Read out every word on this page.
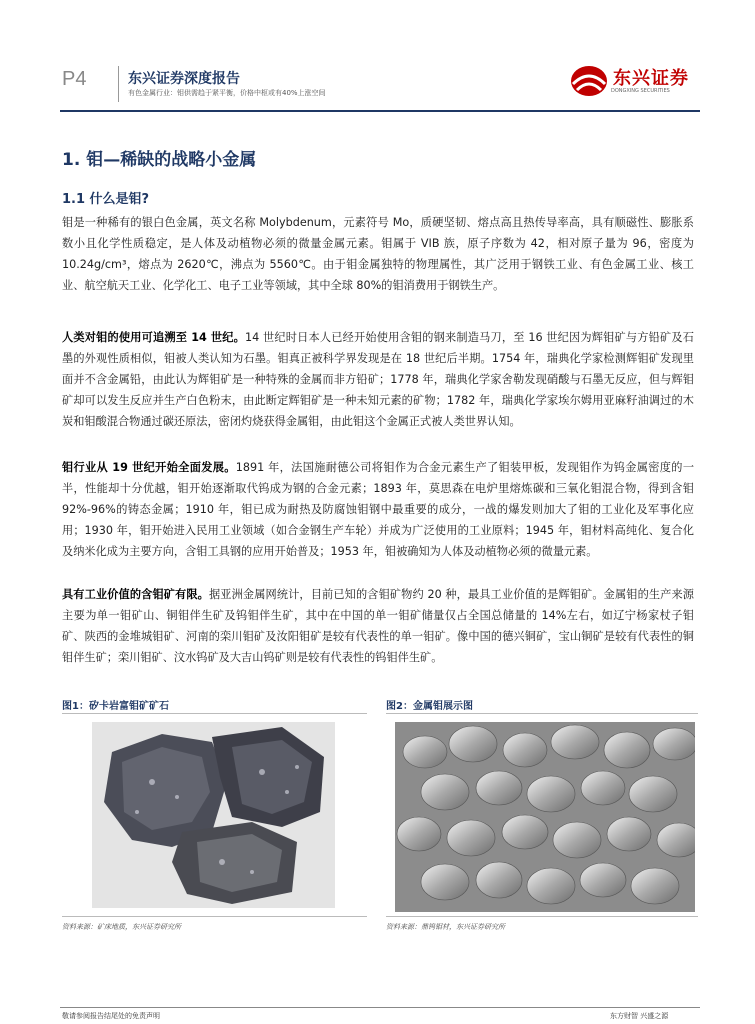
P4	东兴证券深度报告
有色金属行业：钼供需趋于紧平衡，价格中枢或有40%上涨空间
东兴证券
DONGXING SECURITIES
1. 钼—稀缺的战略小金属
1.1 什么是钼?
钼是一种稀有的银白色金属，英文名称 Molybdenum，元素符号 Mo，质硬坚韧、熔点高且热传导率高，具有顺磁性、膨胀系数小且化学性质稳定，是人体及动植物必须的微量金属元素。钼属于 VIB 族，原子序数为 42，相对原子量为 96，密度为 10.24g/cm³，熔点为 2620℃，沸点为 5560℃。由于钼金属独特的物理属性，其广泛用于钢铁工业、有色金属工业、核工业、航空航天工业、化学化工、电子工业等领域，其中全球 80%的钼消费用于钢铁生产。
人类对钼的使用可追溯至 14 世纪。14 世纪时日本人已经开始使用含钼的钢来制造马刀，至 16 世纪因为辉钼矿与方铅矿及石墨的外观性质相似，钼被人类认知为石墨。钼真正被科学界发现是在 18 世纪后半期。1754 年，瑞典化学家检测辉钼矿发现里面并不含金属铅，由此认为辉钼矿是一种特殊的金属而非方铅矿；1778 年，瑞典化学家舍勒发现硝酸与石墨无反应，但与辉钼矿却可以发生反应并生产白色粉末，由此断定辉钼矿是一种未知元素的矿物；1782 年，瑞典化学家埃尔姆用亚麻籽油调过的木炭和钼酸混合物通过碳还原法，密闭灼烧获得金属钼，由此钼这个金属正式被人类世界认知。
钼行业从 19 世纪开始全面发展。1891 年，法国施耐德公司将钼作为合金元素生产了钼装甲板，发现钼作为钨金属密度的一半，性能却十分优越，钼开始逐渐取代钨成为钢的合金元素；1893 年，莫思森在电炉里熔炼碳和三氧化钼混合物，得到含钼 92%-96%的铸态金属；1910 年，钼已成为耐热及防腐蚀钼钢中最重要的成分，一战的爆发则加大了钼的工业化及军事化应用；1930 年，钼开始进入民用工业领域（如合金钢生产车轮）并成为广泛使用的工业原料；1945 年，钼材料高纯化、复合化及纳米化成为主要方向，含钼工具钢的应用开始普及；1953 年，钼被确知为人体及动植物必须的微量元素。
具有工业价值的含钼矿有限。据亚洲金属网统计，目前已知的含钼矿物约 20 种，最具工业价值的是辉钼矿。金属钼的生产来源主要为单一钼矿山、铜钼伴生矿及钨钼伴生矿，其中在中国的单一钼矿储量仅占全国总储量的 14%左右，如辽宁杨家杖子钼矿、陕西的金堆城钼矿、河南的栾川钼矿及汝阳钼矿是较有代表性的单一钼矿。像中国的德兴铜矿，宝山铜矿是较有代表性的铜钼伴生矿；栾川钼矿、汶水钨矿及大吉山钨矿则是较有代表性的钨钼伴生矿。
图1：矽卡岩富钼矿矿石
资料来源：矿床地质，东兴证券研究所
图2：金属钼展示图
资料来源：鼎钨钼材，东兴证券研究所
敬请参阅报告结尾处的免责声明	东方财智 兴盛之源
